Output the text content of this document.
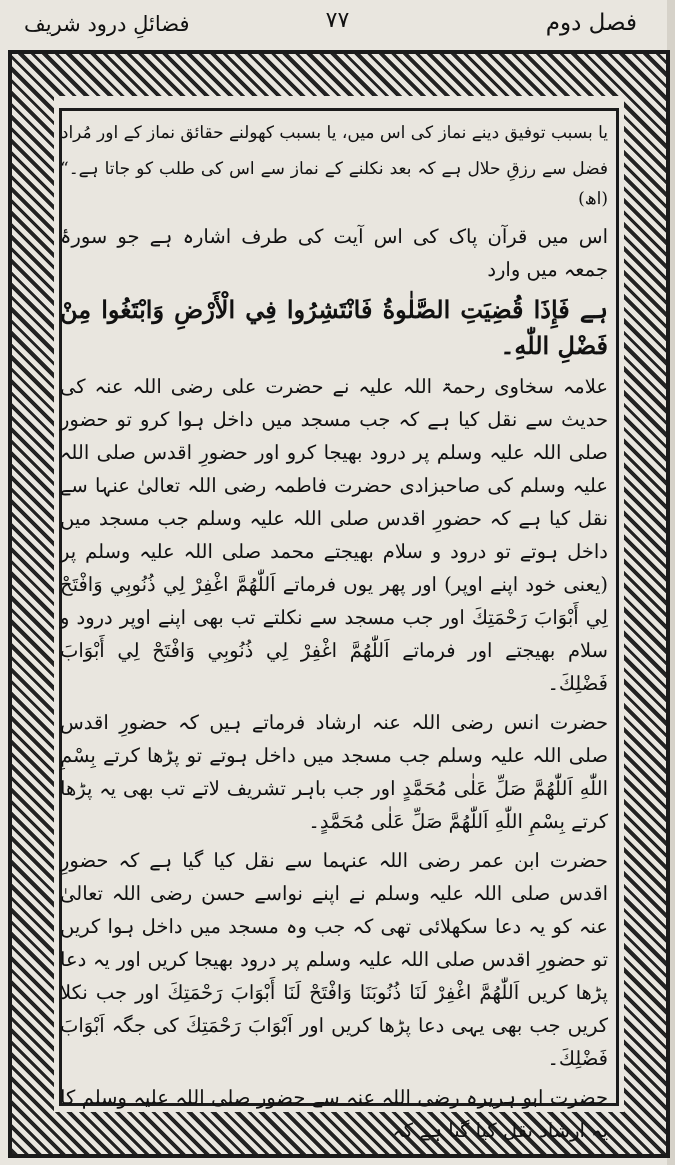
فصل دوم
۷۷
فضائلِ درود شریف

یا بسبب توفیق دینے نماز کی اس میں، یا بسبب کھولنے حقائق نماز کے اور مُراد

فضل سے رزقِ حلال ہے کہ بعد نکلنے کے نماز سے اس کی طلب کو جاتا ہے۔“ (اھ)

اس میں قرآن پاک کی اس آیت کی طرف اشارہ ہے جو سورۂ جمعہ میں وارد

ہے فَإِذَا قُضِيَتِ الصَّلٰوةُ فَانْتَشِرُوا فِي الْأَرْضِ وَابْتَغُوا مِنْ فَضْلِ اللّٰهِ۔

علامہ سخاوی رحمۃ اللہ علیہ نے حضرت علی رضی اللہ عنہ کی حدیث سے نقل کیا ہے کہ جب مسجد میں داخل ہوا کرو تو حضور صلی اللہ علیہ وسلم پر درود بھیجا کرو اور حضورِ اقدس صلی اللہ علیہ وسلم کی صاحبزادی حضرت فاطمہ رضی اللہ تعالیٰ عنہا سے نقل کیا ہے کہ حضورِ اقدس صلی اللہ علیہ وسلم جب مسجد میں داخل ہوتے تو درود و سلام بھیجتے محمد صلی اللہ علیہ وسلم پر (یعنی خود اپنے اوپر) اور پھر یوں فرماتے اَللّٰهُمَّ اغْفِرْ لِي ذُنُوبِي وَافْتَحْ لِي أَبْوَابَ رَحْمَتِكَ اور جب مسجد سے نکلتے تب بھی اپنے اوپر درود و سلام بھیجتے اور فرماتے اَللّٰهُمَّ اغْفِرْ لِي ذُنُوبِي وَافْتَحْ لِي أَبْوَابَ فَضْلِكَ۔

حضرت انس رضی اللہ عنہ ارشاد فرماتے ہیں کہ حضورِ اقدس صلی اللہ علیہ وسلم جب مسجد میں داخل ہوتے تو پڑھا کرتے بِسْمِ اللّٰهِ اَللّٰهُمَّ صَلِّ عَلٰى مُحَمَّدٍ اور جب باہر تشریف لاتے تب بھی یہ پڑھا کرتے بِسْمِ اللّٰهِ اَللّٰهُمَّ صَلِّ عَلٰى مُحَمَّدٍ۔

حضرت ابن عمر رضی اللہ عنہما سے نقل کیا گیا ہے کہ حضورِ اقدس صلی اللہ علیہ وسلم نے اپنے نواسے حسن رضی اللہ تعالیٰ عنہ کو یہ دعا سکھلائی تھی کہ جب وہ مسجد میں داخل ہوا کریں تو حضورِ اقدس صلی اللہ علیہ وسلم پر درود بھیجا کریں اور یہ دعا پڑھا کریں اَللّٰهُمَّ اغْفِرْ لَنَا ذُنُوبَنَا وَافْتَحْ لَنَا أَبْوَابَ رَحْمَتِكَ اور جب نکلا کریں جب بھی یہی دعا پڑھا کریں اور اَبْوَابَ رَحْمَتِكَ کی جگہ اَبْوَابَ فَضْلِكَ۔

حضرت ابو ہریرہ رضی اللہ عنہ سے حضور صلی اللہ علیہ وسلم کا یہ ارشاد نقل کیا گیا ہے کہ
